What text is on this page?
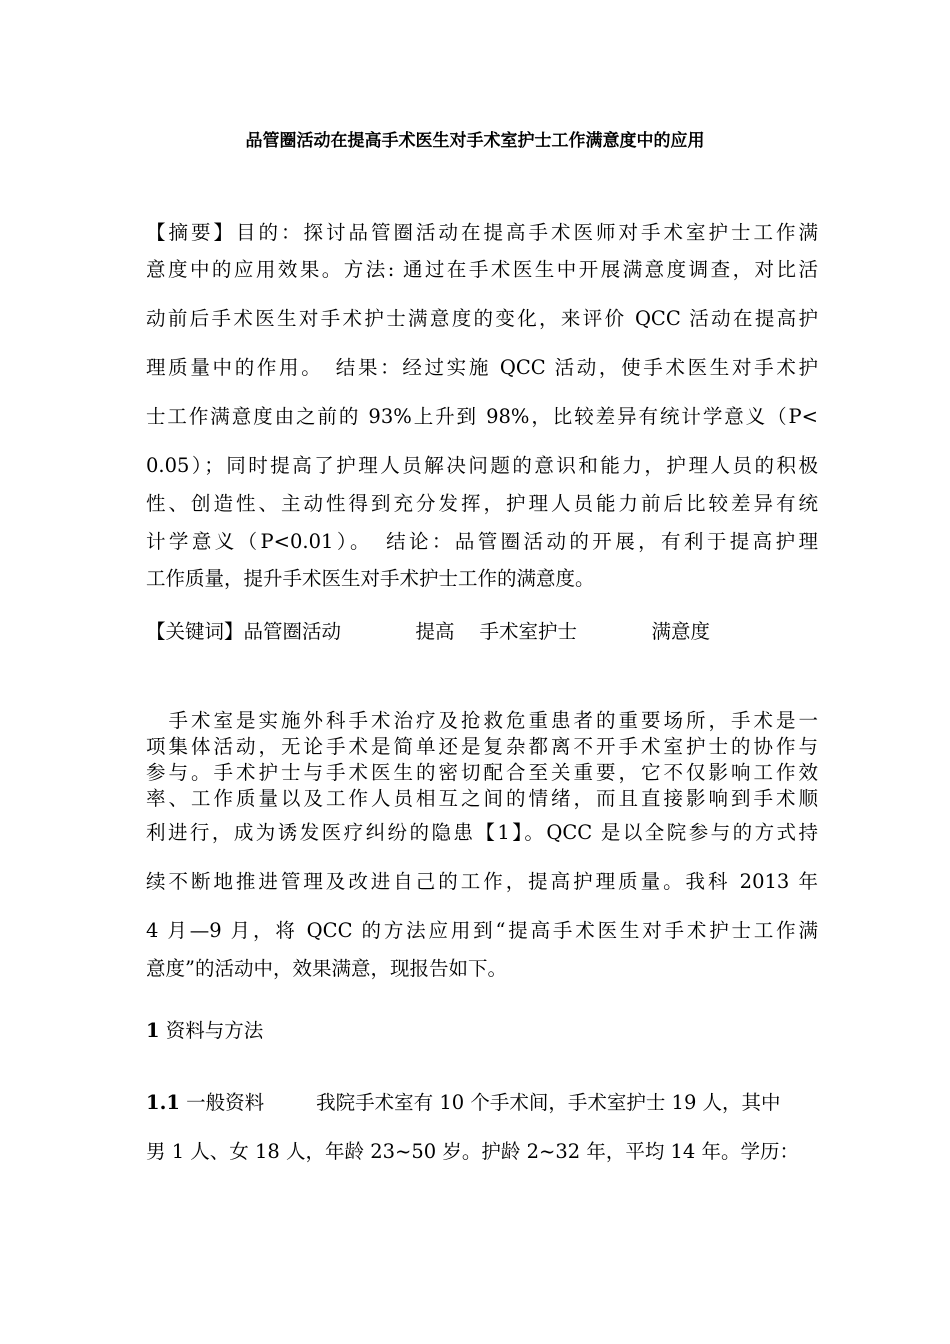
品管圈活动在提高手术医生对手术室护士工作满意度中的应用
【摘要】目的：探讨品管圈活动在提高手术医师对手术室护士工作满
意度中的应用效果。方法: 通过在手术医生中开展满意度调查，对比活
动前后手术医生对手术护士满意度的变化，来评价 QCC 活动在提高护
理质量中的作用。　结果：经过实施 QCC 活动，使手术医生对手术护
士工作满意度由之前的 93%上升到 98%，比较差异有统计学意义（P<
0.05）；同时提高了护理人员解决问题的意识和能力，护理人员的积极
性、创造性、主动性得到充分发挥，护理人员能力前后比较差异有统
计学意义（P<0.01）。　结论：品管圈活动的开展，有利于提高护理
工作质量，提升手术医生对手术护士工作的满意度。
【关键词】品管圈活动	提高 手术室护士	满意度
　手术室是实施外科手术治疗及抢救危重患者的重要场所，手术是一
项集体活动，无论手术是简单还是复杂都离不开手术室护士的协作与
参与。手术护士与手术医生的密切配合至关重要，它不仅影响工作效
率、工作质量以及工作人员相互之间的情绪，而且直接影响到手术顺
利进行，成为诱发医疗纠纷的隐患【1】。QCC 是以全院参与的方式持
续不断地推进管理及改进自己的工作，提高护理质量。我科 2013 年
4 月—9 月，将 QCC 的方法应用到“提高手术医生对手术护士工作满
意度”的活动中，效果满意，现报告如下。
1 资料与方法
1.1 一般资料	我院手术室有 10 个手术间，手术室护士 19 人，其中
男 1 人、女 18 人，年龄 23~50 岁。护龄 2~32 年，平均 14 年。学历：
